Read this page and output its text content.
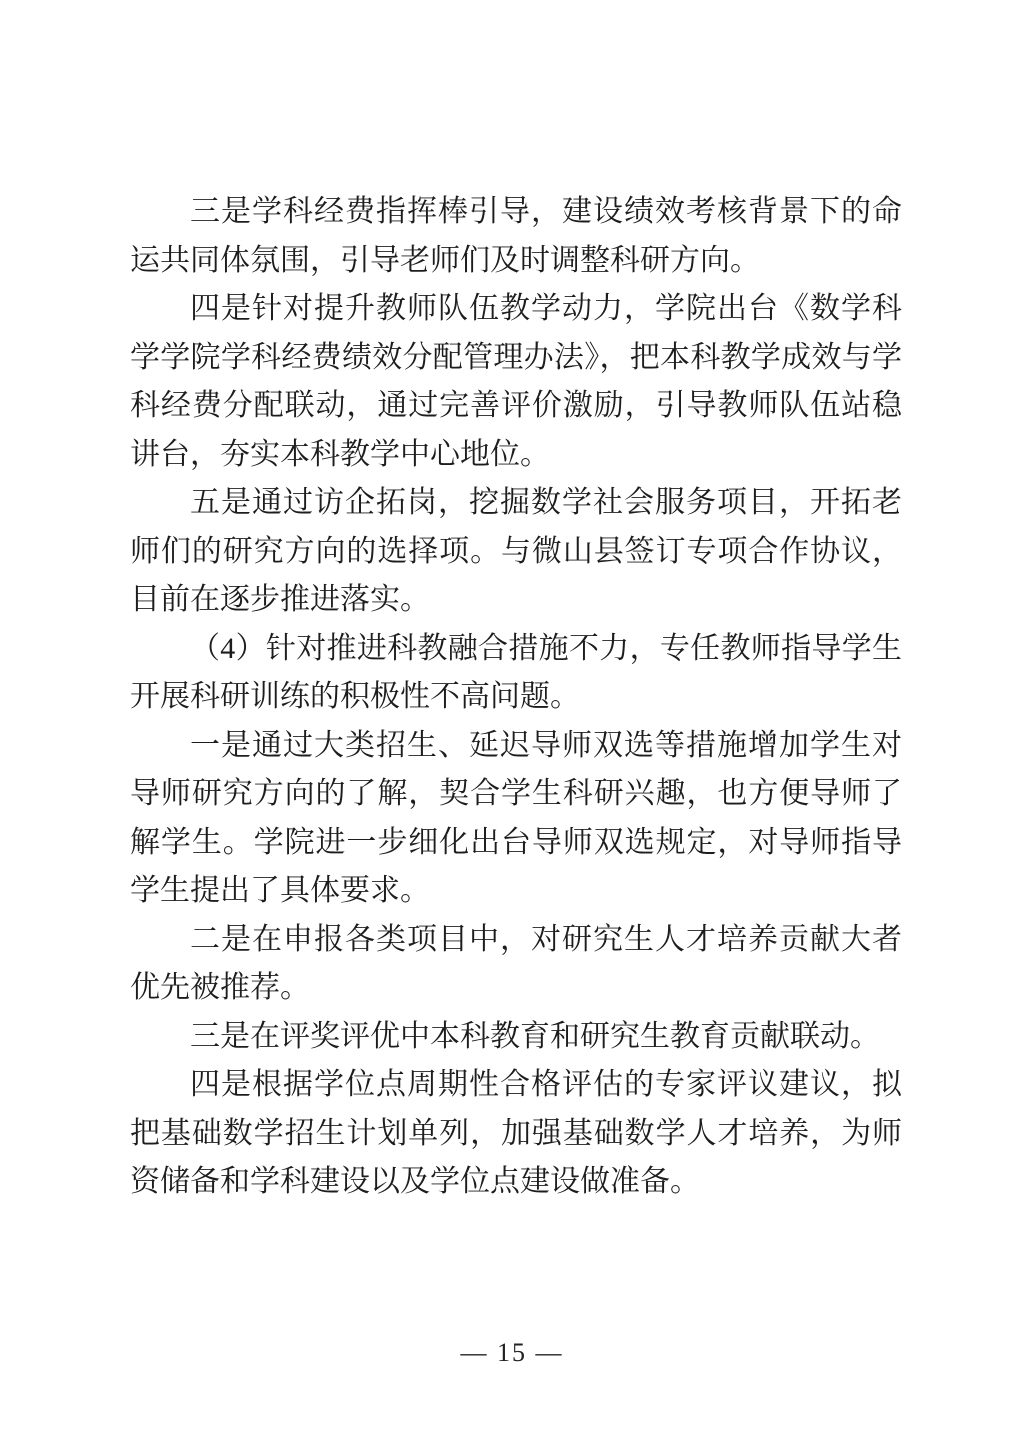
三是学科经费指挥棒引导，建设绩效考核背景下的命运共同体氛围，引导老师们及时调整科研方向。

四是针对提升教师队伍教学动力，学院出台《数学科学学院学科经费绩效分配管理办法》，把本科教学成效与学科经费分配联动，通过完善评价激励，引导教师队伍站稳讲台，夯实本科教学中心地位。

五是通过访企拓岗，挖掘数学社会服务项目，开拓老师们的研究方向的选择项。与微山县签订专项合作协议，目前在逐步推进落实。

（4）针对推进科教融合措施不力，专任教师指导学生开展科研训练的积极性不高问题。

一是通过大类招生、延迟导师双选等措施增加学生对导师研究方向的了解，契合学生科研兴趣，也方便导师了解学生。学院进一步细化出台导师双选规定，对导师指导学生提出了具体要求。

二是在申报各类项目中，对研究生人才培养贡献大者优先被推荐。

三是在评奖评优中本科教育和研究生教育贡献联动。

四是根据学位点周期性合格评估的专家评议建议，拟把基础数学招生计划单列，加强基础数学人才培养，为师资储备和学科建设以及学位点建设做准备。

— 15 —
